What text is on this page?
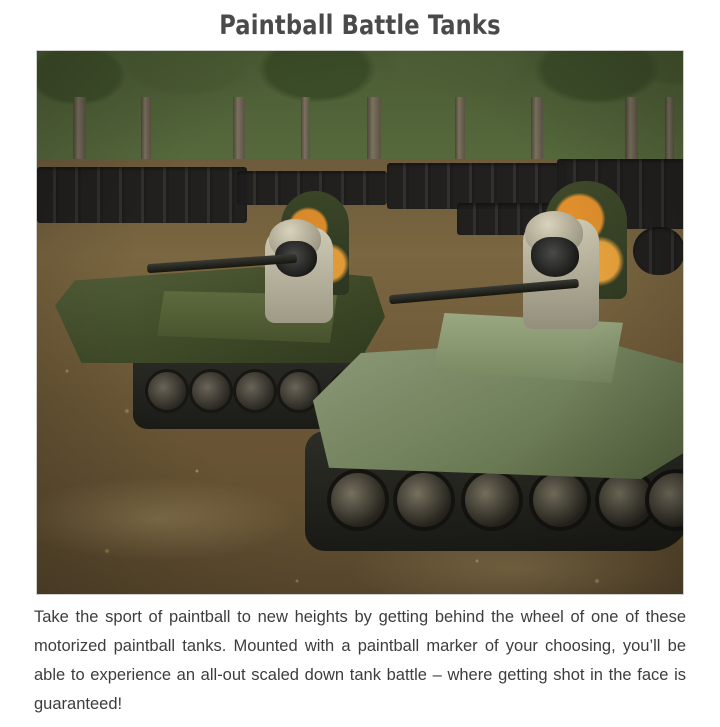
Paintball Battle Tanks

Take the sport of paintball to new heights by getting behind the wheel of one of these motorized paintball tanks. Mounted with a paintball marker of your choosing, you’ll be able to experience an all-out scaled down tank battle – where getting shot in the face is guaranteed!
